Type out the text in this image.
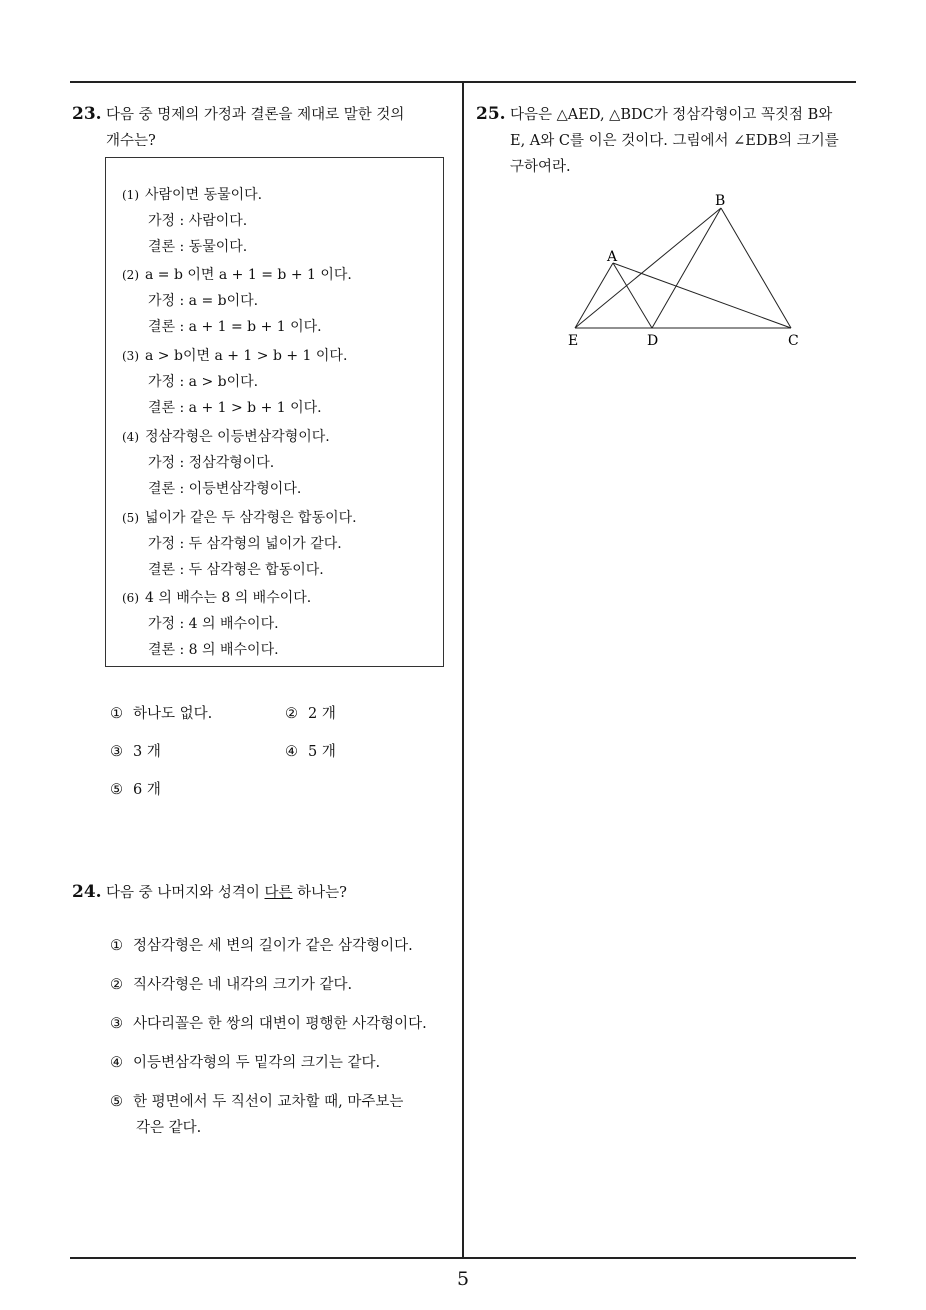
23. 다음 중 명제의 가정과 결론을 제대로 말한 것의
개수는?
(1) 사람이면 동물이다.
가정 : 사람이다.
결론 : 동물이다.
(2) a = b 이면 a + 1 = b + 1 이다.
가정 : a = b이다.
결론 : a + 1 = b + 1 이다.
(3) a > b이면 a + 1 > b + 1 이다.
가정 : a > b이다.
결론 : a + 1 > b + 1 이다.
(4) 정삼각형은 이등변삼각형이다.
가정 : 정삼각형이다.
결론 : 이등변삼각형이다.
(5) 넓이가 같은 두 삼각형은 합동이다.
가정 : 두 삼각형의 넓이가 같다.
결론 : 두 삼각형은 합동이다.
(6) 4 의 배수는 8 의 배수이다.
가정 : 4 의 배수이다.
결론 : 8 의 배수이다.
① 하나도 없다.	② 2 개
③ 3 개	④ 5 개
⑤ 6 개
24. 다음 중 나머지와 성격이 다른 하나는?
① 정삼각형은 세 변의 길이가 같은 삼각형이다.
② 직사각형은 네 내각의 크기가 같다.
③ 사다리꼴은 한 쌍의 대변이 평행한 사각형이다.
④ 이등변삼각형의 두 밑각의 크기는 같다.
⑤ 한 평면에서 두 직선이 교차할 때, 마주보는
각은 같다.
25. 다음은 △AED, △BDC가 정삼각형이고 꼭짓점 B와
E, A와 C를 이은 것이다. 그림에서 ∠EDB의 크기를
구하여라.
B
A
E	D	C
5
